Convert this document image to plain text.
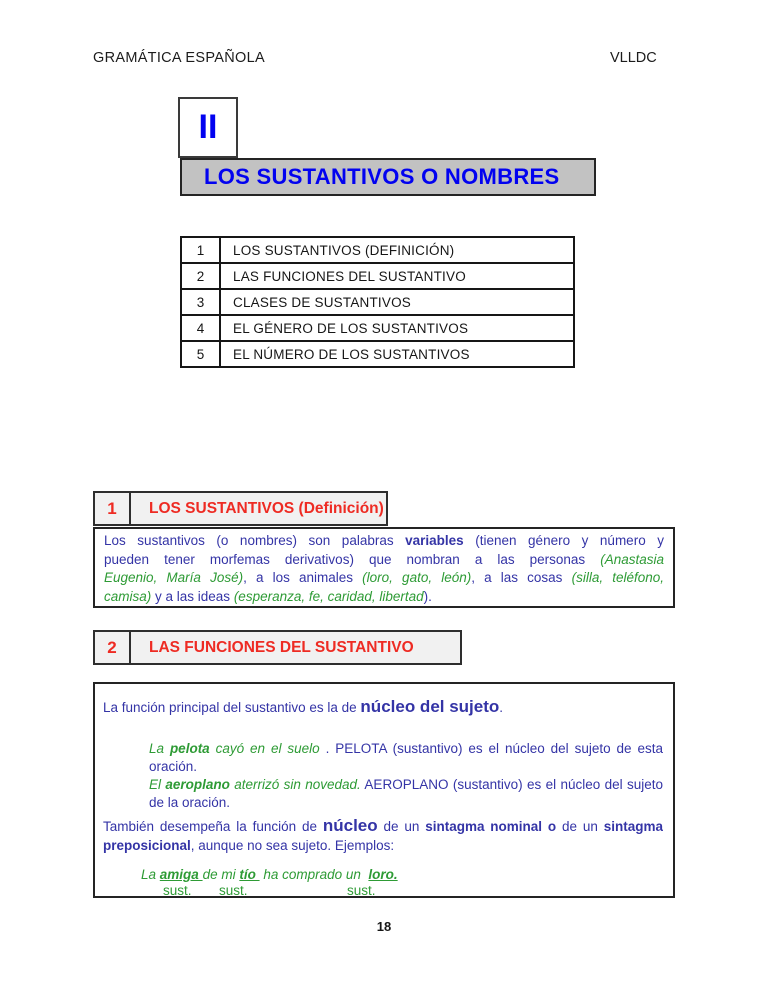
GRAMÁTICA ESPAÑOLA	VLLDC
II
LOS SUSTANTIVOS O NOMBRES
1	LOS SUSTANTIVOS (DEFINICIÓN)
2	LAS FUNCIONES DEL SUSTANTIVO
3	CLASES DE SUSTANTIVOS
4	EL GÉNERO DE LOS SUSTANTIVOS
5	EL NÚMERO DE LOS SUSTANTIVOS
1	LOS SUSTANTIVOS (Definición)
Los sustantivos (o nombres) son palabras variables (tienen género y número y
pueden tener morfemas derivativos) que nombran a las personas (Anastasia
Eugenio, María José), a los animales (loro, gato, león), a las cosas (silla, teléfono,
camisa) y a las ideas (esperanza, fe, caridad, libertad).
2	LAS FUNCIONES DEL SUSTANTIVO
La función principal del sustantivo es la de núcleo del sujeto.
La pelota cayó en el suelo . PELOTA (sustantivo) es el núcleo del sujeto de esta
oración.
El aeroplano aterrizó sin novedad. AEROPLANO (sustantivo) es el núcleo del sujeto
de la oración.
También desempeña la función de núcleo de un sintagma nominal o de un sintagma
preposicional, aunque no sea sujeto. Ejemplos:
La amiga de mi tío  ha comprado un  loro.
sust. sust.	sust.
18
